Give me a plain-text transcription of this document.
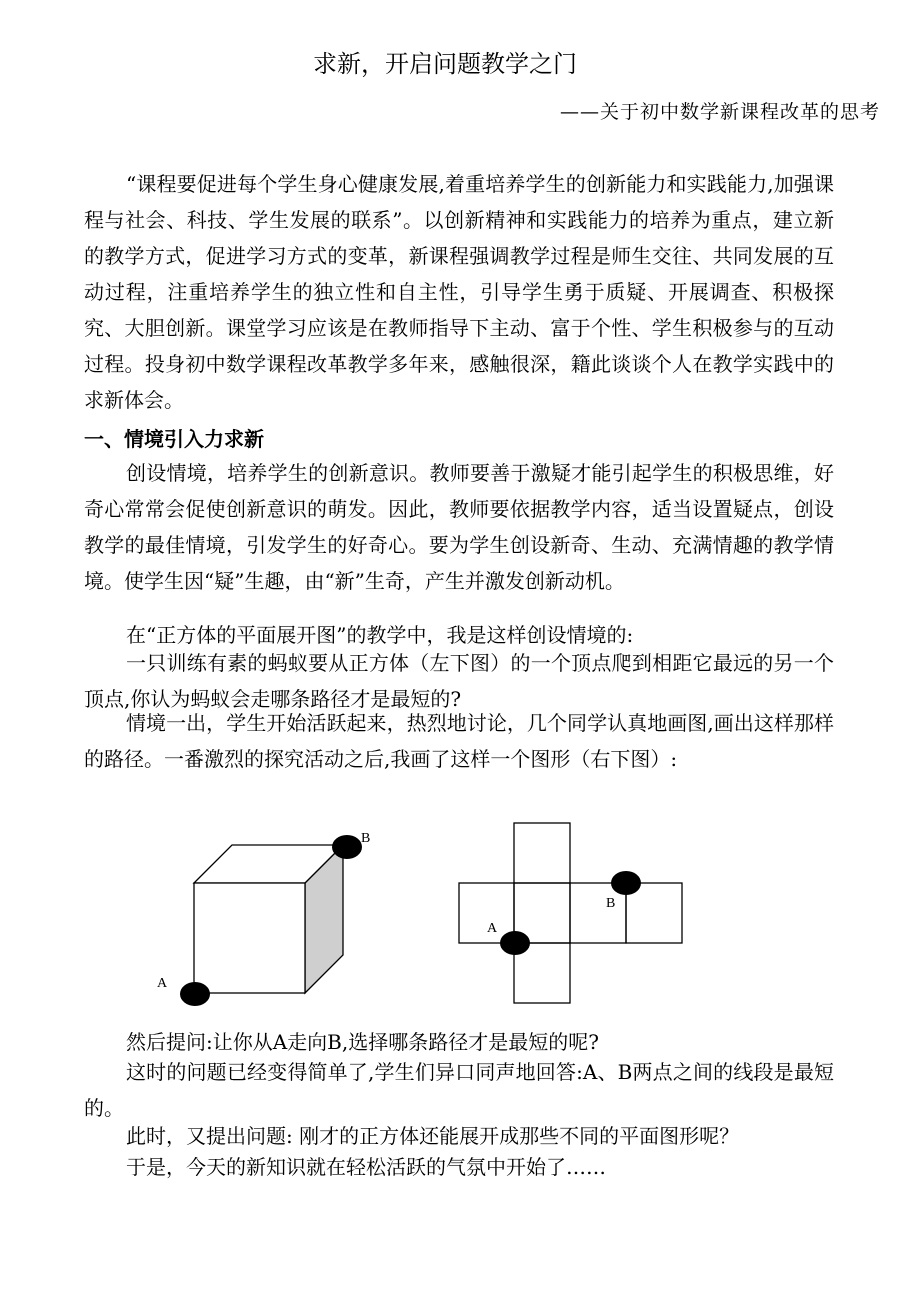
求新，开启问题教学之门
——关于初中数学新课程改革的思考

“课程要促进每个学生身心健康发展,着重培养学生的创新能力和实践能力,加强课程与社会、科技、学生发展的联系”。以创新精神和实践能力的培养为重点，建立新的教学方式，促进学习方式的变革，新课程强调教学过程是师生交往、共同发展的互动过程，注重培养学生的独立性和自主性，引导学生勇于质疑、开展调查、积极探究、大胆创新。课堂学习应该是在教师指导下主动、富于个性、学生积极参与的互动过程。投身初中数学课程改革教学多年来，感触很深，籍此谈谈个人在教学实践中的求新体会。

一、情境引入力求新

创设情境，培养学生的创新意识。教师要善于激疑才能引起学生的积极思维，好奇心常常会促使创新意识的萌发。因此，教师要依据教学内容，适当设置疑点，创设教学的最佳情境，引发学生的好奇心。要为学生创设新奇、生动、充满情趣的教学情境。使学生因“疑”生趣，由“新”生奇，产生并激发创新动机。

在“正方体的平面展开图”的教学中，我是这样创设情境的:

一只训练有素的蚂蚁要从正方体（左下图）的一个顶点爬到相距它最远的另一个顶点,你认为蚂蚁会走哪条路径才是最短的?

情境一出，学生开始活跃起来，热烈地讨论，几个同学认真地画图,画出这样那样的路径。一番激烈的探究活动之后,我画了这样一个图形（右下图）:

A
B
A
B

然后提问:让你从A走向B,选择哪条路径才是最短的呢?

这时的问题已经变得简单了,学生们异口同声地回答:A、B两点之间的线段是最短的。

此时，又提出问题: 刚才的正方体还能展开成那些不同的平面图形呢？

于是，今天的新知识就在轻松活跃的气氛中开始了……
